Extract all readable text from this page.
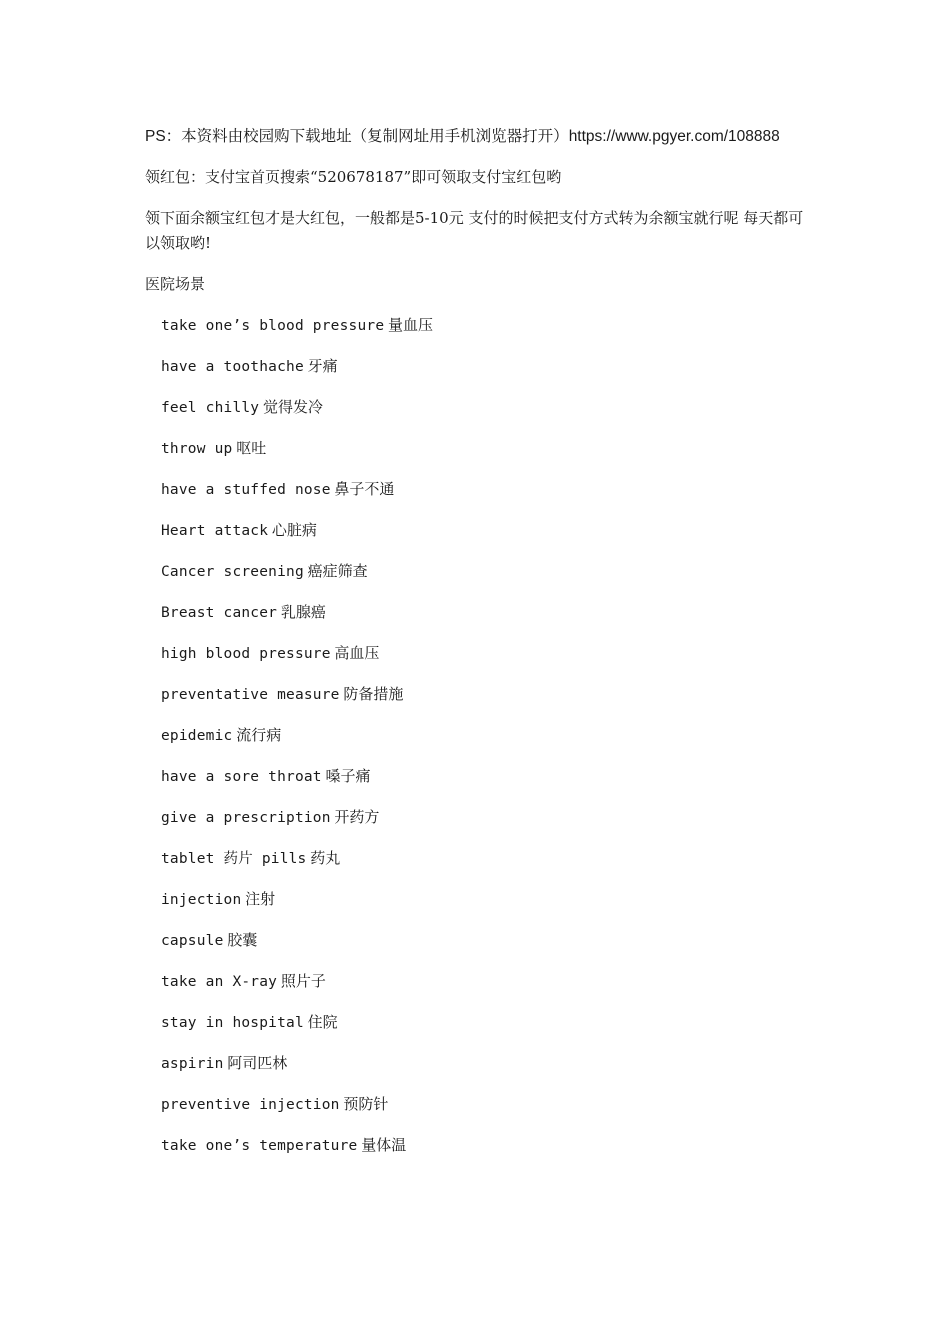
PS：本资料由校园购下载地址（复制网址用手机浏览器打开）https://www.pgyer.com/108888

领红包：支付宝首页搜索“520678187”即可领取支付宝红包哟

领下面余额宝红包才是大红包，一般都是5-10元 支付的时候把支付方式转为余额宝就行呢 每天都可以领取哟!

医院场景

take one’s blood pressure 量血压
have a toothache 牙痛
feel chilly 觉得发冷
throw up 呕吐
have a stuffed nose 鼻子不通
Heart attack 心脏病
Cancer screening 癌症筛查
Breast cancer 乳腺癌
high blood pressure 高血压
preventative measure 防备措施
epidemic 流行病
have a sore throat 嗓子痛
give a prescription 开药方
tablet 药片 pills 药丸
injection 注射
capsule 胶囊
take an X-ray 照片子
stay in hospital 住院
aspirin 阿司匹林
preventive injection 预防针
take one’s temperature 量体温
